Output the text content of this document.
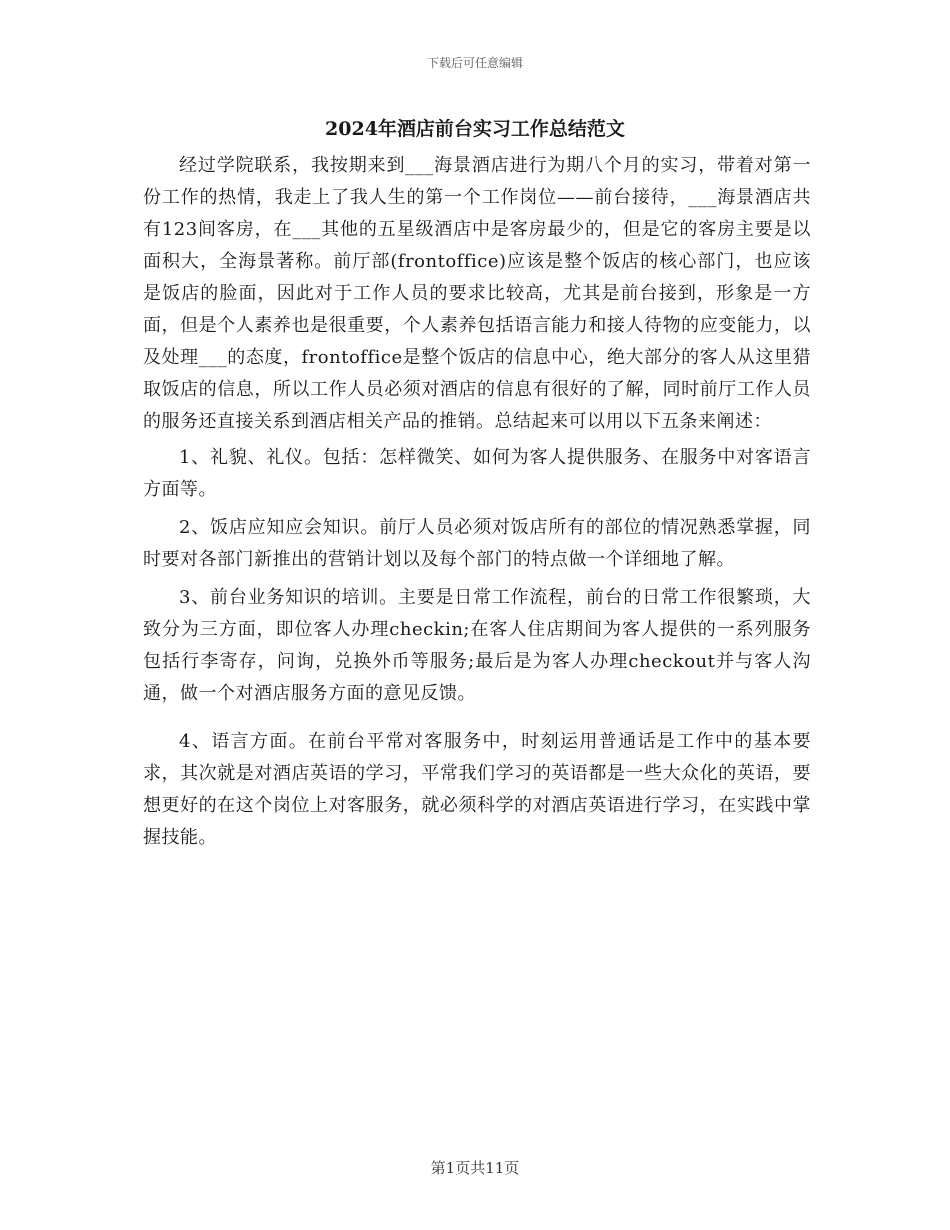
下载后可任意编辑
2024年酒店前台实习工作总结范文

经过学院联系，我按期来到___海景酒店进行为期八个月的实习，带着对第一份工作的热情，我走上了我人生的第一个工作岗位——前台接待，___海景酒店共有123间客房，在___其他的五星级酒店中是客房最少的，但是它的客房主要是以面积大，全海景著称。前厅部(frontoffice)应该是整个饭店的核心部门，也应该是饭店的脸面，因此对于工作人员的要求比较高，尤其是前台接到，形象是一方面，但是个人素养也是很重要，个人素养包括语言能力和接人待物的应变能力，以及处理___的态度，frontoffice是整个饭店的信息中心，绝大部分的客人从这里猎取饭店的信息，所以工作人员必须对酒店的信息有很好的了解，同时前厅工作人员的服务还直接关系到酒店相关产品的推销。总结起来可以用以下五条来阐述：

1、礼貌、礼仪。包括：怎样微笑、如何为客人提供服务、在服务中对客语言方面等。

2、饭店应知应会知识。前厅人员必须对饭店所有的部位的情况熟悉掌握，同时要对各部门新推出的营销计划以及每个部门的特点做一个详细地了解。

3、前台业务知识的培训。主要是日常工作流程，前台的日常工作很繁琐，大致分为三方面，即位客人办理checkin;在客人住店期间为客人提供的一系列服务包括行李寄存，问询，兑换外币等服务;最后是为客人办理checkout并与客人沟通，做一个对酒店服务方面的意见反馈。

4、语言方面。在前台平常对客服务中，时刻运用普通话是工作中的基本要求，其次就是对酒店英语的学习，平常我们学习的英语都是一些大众化的英语，要想更好的在这个岗位上对客服务，就必须科学的对酒店英语进行学习，在实践中掌握技能。

第1页共11页
